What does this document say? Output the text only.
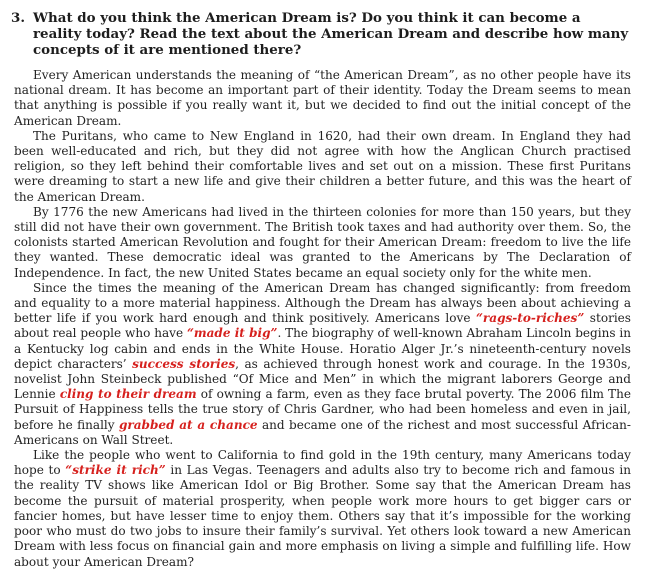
3. What do you think the American Dream is? Do you think it can become a reality today? Read the text about the American Dream and describe how many concepts of it are mentioned there?

Every American understands the meaning of “the American Dream”, as no other people have its national dream. It has become an important part of their identity. Today the Dream seems to mean that anything is possible if you really want it, but we decided to find out the initial concept of the American Dream.

The Puritans, who came to New England in 1620, had their own dream. In England they had been well-educated and rich, but they did not agree with how the Anglican Church practised religion, so they left behind their comfortable lives and set out on a mission. These first Puritans were dreaming to start a new life and give their children a better future, and this was the heart of the American Dream.

By 1776 the new Americans had lived in the thirteen colonies for more than 150 years, but they still did not have their own government. The British took taxes and had authority over them. So, the colonists started American Revolution and fought for their American Dream: freedom to live the life they wanted. These democratic ideal was granted to the Americans by The Declaration of Independence. In fact, the new United States became an equal society only for the white men.

Since the times the meaning of the American Dream has changed significantly: from freedom and equality to a more material happiness. Although the Dream has always been about achieving a better life if you work hard enough and think positively. Americans love “rags-to-riches” stories about real people who have “made it big”. The biography of well-known Abraham Lincoln begins in a Kentucky log cabin and ends in the White House. Horatio Alger Jr.’s nineteenth-century novels depict characters’ success stories, as achieved through honest work and courage. In the 1930s, novelist John Steinbeck published “Of Mice and Men” in which the migrant laborers George and Lennie cling to their dream of owning a farm, even as they face brutal poverty. The 2006 film The Pursuit of Happiness tells the true story of Chris Gardner, who had been homeless and even in jail, before he finally grabbed at a chance and became one of the richest and most successful African-Americans on Wall Street.

Like the people who went to California to find gold in the 19th century, many Americans today hope to “strike it rich” in Las Vegas. Teenagers and adults also try to become rich and famous in the reality TV shows like American Idol or Big Brother. Some say that the American Dream has become the pursuit of material prosperity, when people work more hours to get bigger cars or fancier homes, but have lesser time to enjoy them. Others say that it’s impossible for the working poor who must do two jobs to insure their family’s survival. Yet others look toward a new American Dream with less focus on financial gain and more emphasis on living a simple and fulfilling life. How about your American Dream?
